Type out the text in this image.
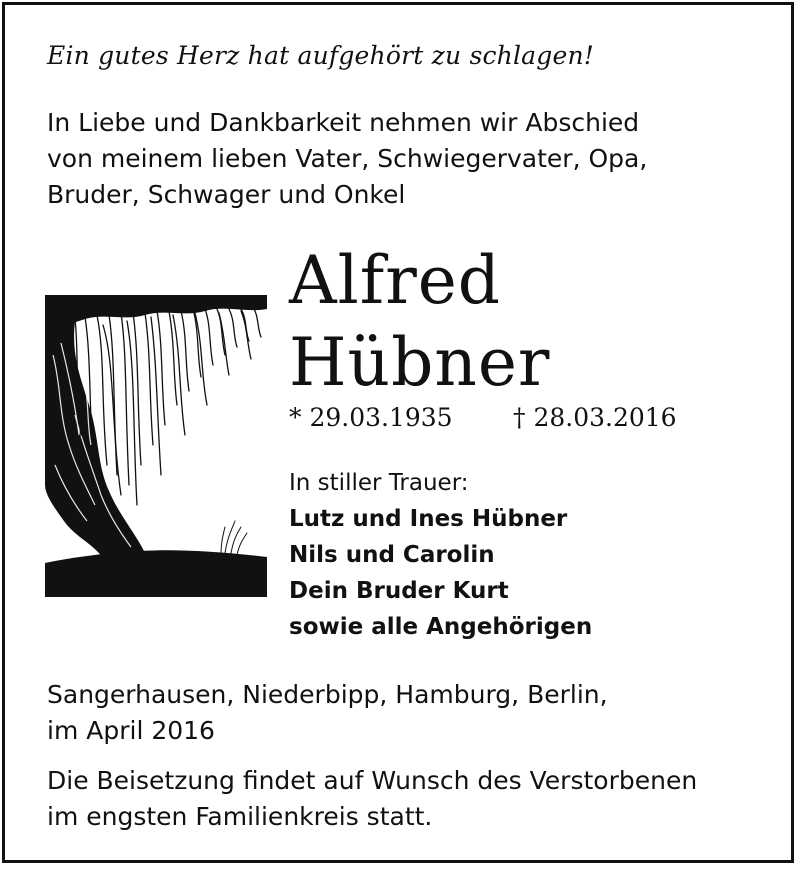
Ein gutes Herz hat aufgehört zu schlagen!

In Liebe und Dankbarkeit nehmen wir Abschied
von meinem lieben Vater, Schwiegervater, Opa,
Bruder, Schwager und Onkel

Alfred

Hübner

* 29.03.1935 † 28.03.2016

In stiller Trauer:
Lutz und Ines Hübner
Nils und Carolin
Dein Bruder Kurt
sowie alle Angehörigen
Sangerhausen, Niederbipp, Hamburg, Berlin,
im April 2016
Die Beisetzung findet auf Wunsch des Verstorbenen
im engsten Familienkreis statt.
